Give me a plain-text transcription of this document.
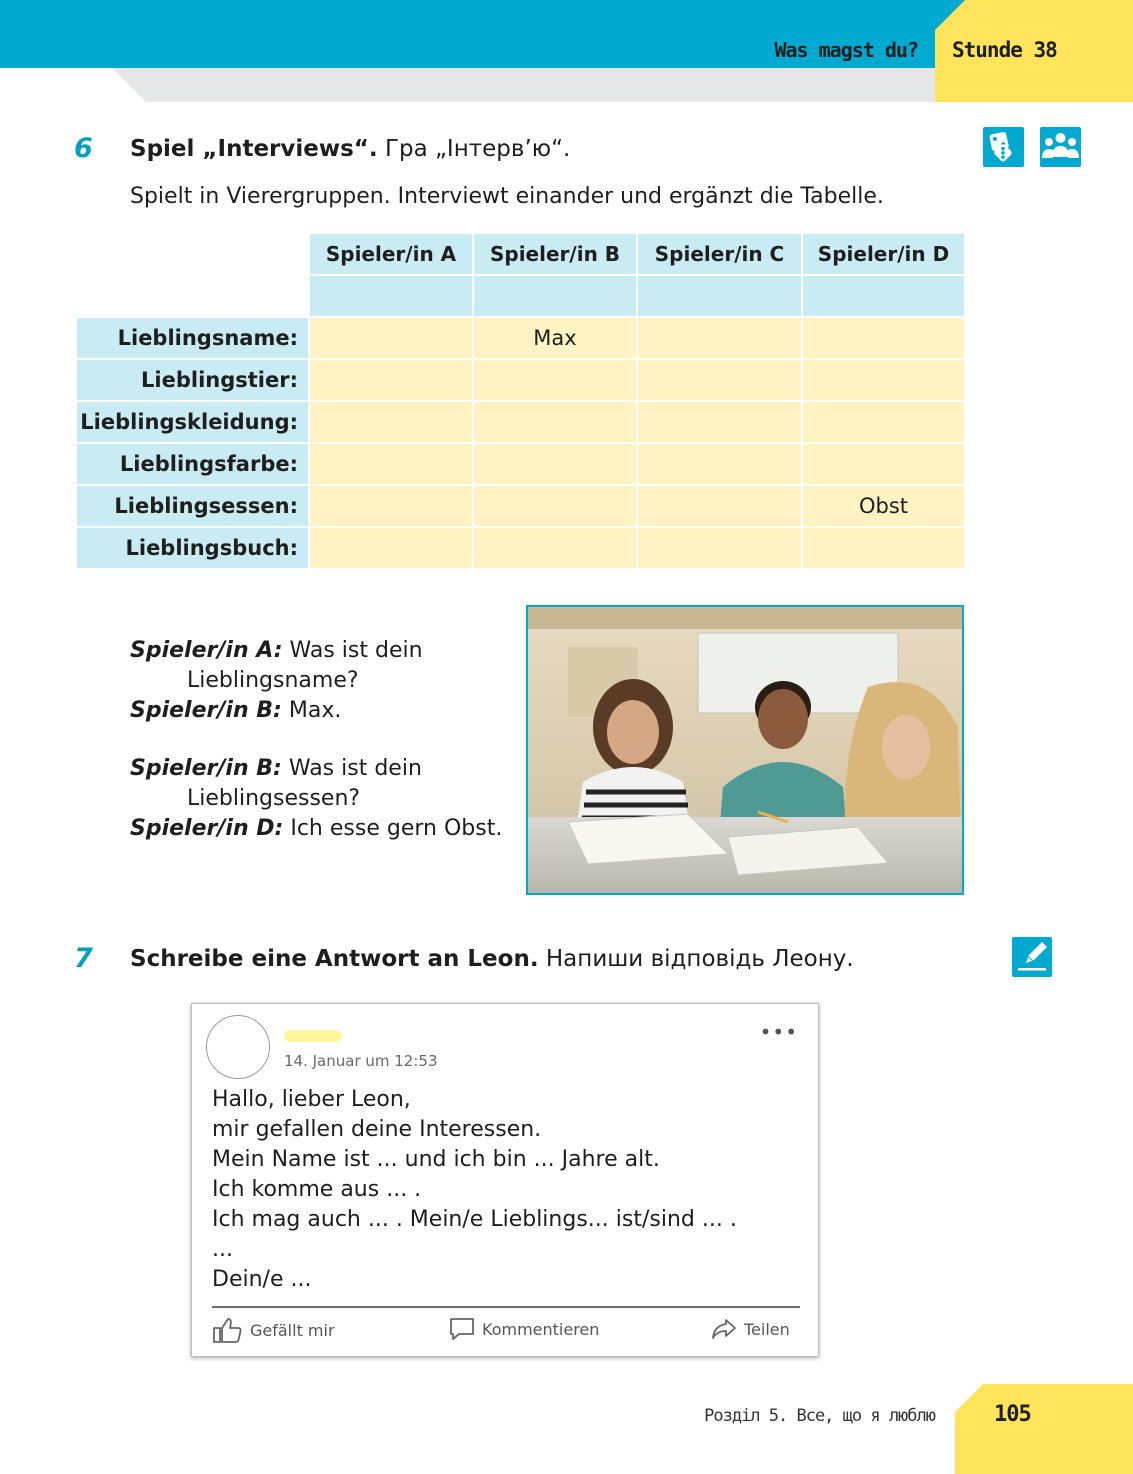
Was magst du? Stunde 38
6 Spiel „Interviews“. Гра „Інтерв’ю“.
Spielt in Vierergruppen. Interviewt einander und ergänzt die Tabelle.
	Spieler/in A	Spieler/in B	Spieler/in C	Spieler/in D

Lieblingsname:		Max		
Lieblingstier:				
Lieblingskleidung:				
Lieblingsfarbe:				
Lieblingsessen:				Obst
Lieblingsbuch:				
Spieler/in A: Was ist dein
Lieblingsname?
Spieler/in B: Max.
Spieler/in B: Was ist dein
Lieblingsessen?
Spieler/in D: Ich esse gern Obst.
7 Schreibe eine Antwort an Leon. Напиши відповідь Леону.
14. Januar um 12:53
•••
Hallo, lieber Leon,
mir gefallen deine Interessen.
Mein Name ist ... und ich bin ... Jahre alt.
Ich komme aus ... .
Ich mag auch ... . Mein/e Lieblings... ist/sind ... .
...
Dein/e ...
Gefällt mir	Kommentieren	Teilen
Розділ 5. Все, що я люблю	105
